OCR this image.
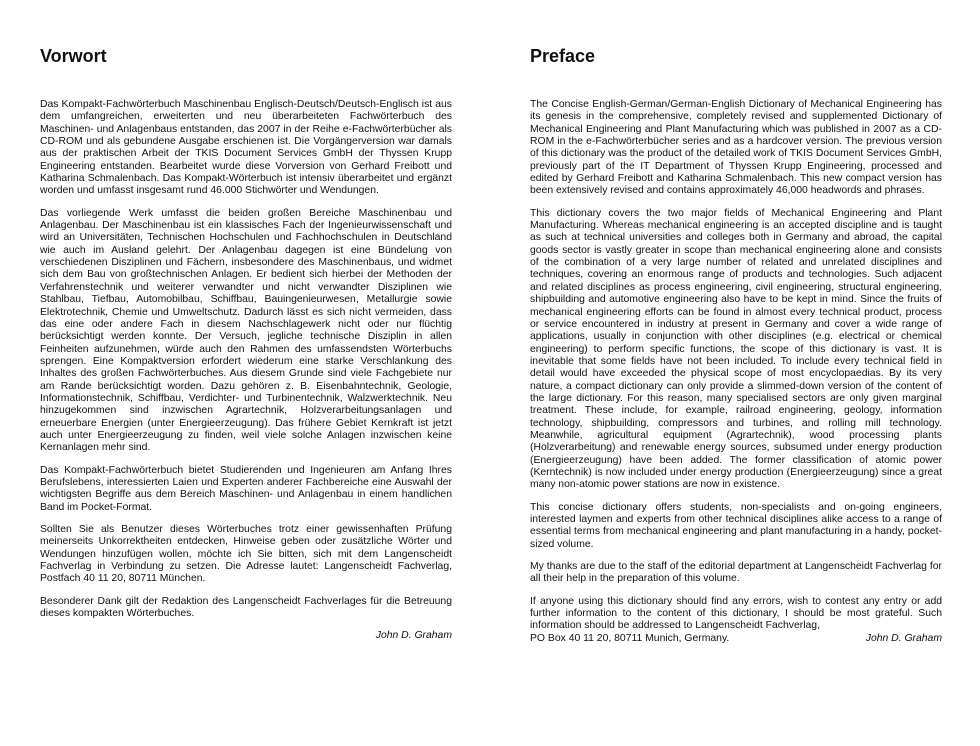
Vorwort

Das Kompakt-Fachwörterbuch Maschinenbau Englisch-Deutsch/Deutsch-Englisch ist aus dem umfangreichen, erweiterten und neu überarbeiteten Fachwörterbuch des Maschinen- und Anlagenbaus entstanden, das 2007 in der Reihe e-Fachwörterbücher als CD-ROM und als gebundene Ausgabe erschienen ist. Die Vorgängerversion war damals aus der praktischen Arbeit der TKIS Document Services GmbH der Thyssen Krupp Engineering entstanden. Bearbeitet wurde diese Vorversion von Gerhard Freibott und Katharina Schmalenbach. Das Kompakt-Wörterbuch ist intensiv überarbeitet und ergänzt worden und umfasst insgesamt rund 46.000 Stichwörter und Wendungen.

Das vorliegende Werk umfasst die beiden großen Bereiche Maschinenbau und Anlagenbau. Der Maschinenbau ist ein klassisches Fach der Ingenieurwissenschaft und wird an Universitäten, Technischen Hochschulen und Fachhochschulen in Deutschland wie auch im Ausland gelehrt. Der Anlagenbau dagegen ist eine Bündelung von verschiedenen Disziplinen und Fächern, insbesondere des Maschinenbaus, und widmet sich dem Bau von großtechnischen Anlagen. Er bedient sich hierbei der Methoden der Verfahrenstechnik und weiterer verwandter und nicht verwandter Disziplinen wie Stahlbau, Tiefbau, Automobilbau, Schiffbau, Bauingenieurwesen, Metallurgie sowie Elektrotechnik, Chemie und Umweltschutz. Dadurch lässt es sich nicht vermeiden, dass das eine oder andere Fach in diesem Nachschlagewerk nicht oder nur flüchtig berücksichtigt werden konnte. Der Versuch, jegliche technische Disziplin in allen Feinheiten aufzunehmen, würde auch den Rahmen des umfassendsten Wörterbuchs sprengen. Eine Kompaktversion erfordert wiederum eine starke Verschlankung des Inhaltes des großen Fachwörterbuches. Aus diesem Grunde sind viele Fachgebiete nur am Rande berücksichtigt worden. Dazu gehören z. B. Eisenbahntechnik, Geologie, Informationstechnik, Schiffbau, Verdichter- und Turbinentechnik, Walzwerktechnik. Neu hinzugekommen sind inzwischen Agrartechnik, Holzverarbeitungsanlagen und erneuerbare Energien (unter Energieerzeugung). Das frühere Gebiet Kernkraft ist jetzt auch unter Energieerzeugung zu finden, weil viele solche Anlagen inzwischen keine Kernanlagen mehr sind.

Das Kompakt-Fachwörterbuch bietet Studierenden und Ingenieuren am Anfang Ihres Berufslebens, interessierten Laien und Experten anderer Fachbereiche eine Auswahl der wichtigsten Begriffe aus dem Bereich Maschinen- und Anlagenbau in einem handlichen Band im Pocket-Format.

Sollten Sie als Benutzer dieses Wörterbuches trotz einer gewissenhaften Prüfung meinerseits Unkorrektheiten entdecken, Hinweise geben oder zusätzliche Wörter und Wendungen hinzufügen wollen, möchte ich Sie bitten, sich mit dem Langenscheidt Fachverlag in Verbindung zu setzen. Die Adresse lautet: Langenscheidt Fachverlag, Postfach 40 11 20, 80711 München.

Besonderer Dank gilt der Redaktion des Langenscheidt Fachverlages für die Betreuung dieses kompakten Wörterbuches.

John D. Graham
Preface

The Concise English-German/German-English Dictionary of Mechanical Engineering has its genesis in the comprehensive, completely revised and supplemented Dictionary of Mechanical Engineering and Plant Manufacturing which was published in 2007 as a CD-ROM in the e-Fachwörterbücher series and as a hardcover version. The previous version of this dictionary was the product of the detailed work of TKIS Document Services GmbH, previously part of the IT Department of Thyssen Krupp Engineering, processed and edited by Gerhard Freibott and Katharina Schmalenbach. This new compact version has been extensively revised and contains approximately 46,000 headwords and phrases.

This dictionary covers the two major fields of Mechanical Engineering and Plant Manufacturing. Whereas mechanical engineering is an accepted discipline and is taught as such at technical universities and colleges both in Germany and abroad, the capital goods sector is vastly greater in scope than mechanical engineering alone and consists of the combination of a very large number of related and unrelated disciplines and techniques, covering an enormous range of products and technologies. Such adjacent and related disciplines as process engineering, civil engineering, structural engineering, shipbuilding and automotive engineering also have to be kept in mind. Since the fruits of mechanical engineering efforts can be found in almost every technical product, process or service encountered in industry at present in Germany and cover a wide range of applications, usually in conjunction with other disciplines (e.g. electrical or chemical engineering) to perform specific functions, the scope of this dictionary is vast. It is inevitable that some fields have not been included. To include every technical field in detail would have exceeded the physical scope of most encyclopaedias. By its very nature, a compact dictionary can only provide a slimmed-down version of the content of the large dictionary. For this reason, many specialised sectors are only given marginal treatment. These include, for example, railroad engineering, geology, information technology, shipbuilding, compressors and turbines, and rolling mill technology. Meanwhile, agricultural equipment (Agrartechnik), wood processing plants (Holzverarbeitung) and renewable energy sources, subsumed under energy production (Energieerzeugung) have been added. The former classification of atomic power (Kerntechnik) is now included under energy production (Energieerzeugung) since a great many non-atomic power stations are now in existence.

This concise dictionary offers students, non-specialists and on-going engineers, interested laymen and experts from other technical disciplines alike access to a range of essential terms from mechanical engineering and plant manufacturing in a handy, pocket-sized volume.

My thanks are due to the staff of the editorial department at Langenscheidt Fachverlag for all their help in the preparation of this volume.

If anyone using this dictionary should find any errors, wish to contest any entry or add further information to the content of this dictionary, I should be most grateful. Such information should be addressed to Langenscheidt Fachverlag,

PO Box 40 11 20, 80711 Munich, Germany.	John D. Graham
